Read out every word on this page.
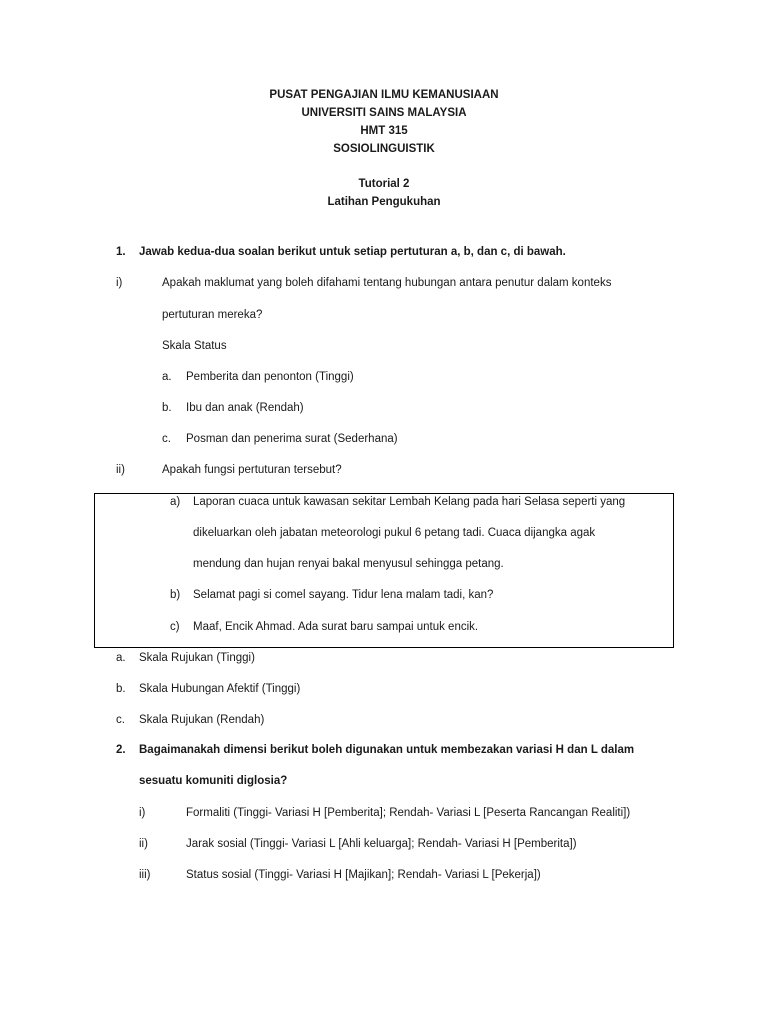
PUSAT PENGAJIAN ILMU KEMANUSIAAN
UNIVERSITI SAINS MALAYSIA
HMT 315
SOSIOLINGUISTIK
Tutorial 2
Latihan Pengukuhan
1. Jawab kedua-dua soalan berikut untuk setiap pertuturan a, b, dan c, di bawah.
i)	Apakah maklumat yang boleh difahami tentang hubungan antara penutur dalam konteks
pertuturan mereka?
Skala Status
a. Pemberita dan penonton (Tinggi)
b. Ibu dan anak (Rendah)
c. Posman dan penerima surat (Sederhana)
ii)	Apakah fungsi pertuturan tersebut?
a) Laporan cuaca untuk kawasan sekitar Lembah Kelang pada hari Selasa seperti yang
dikeluarkan oleh jabatan meteorologi pukul 6 petang tadi. Cuaca dijangka agak
mendung dan hujan renyai bakal menyusul sehingga petang.
b) Selamat pagi si comel sayang. Tidur lena malam tadi, kan?
c) Maaf, Encik Ahmad. Ada surat baru sampai untuk encik.
a. Skala Rujukan (Tinggi)
b. Skala Hubungan Afektif (Tinggi)
c. Skala Rujukan (Rendah)
2. Bagaimanakah dimensi berikut boleh digunakan untuk membezakan variasi H dan L dalam
sesuatu komuniti diglosia?
i)	Formaliti (Tinggi- Variasi H [Pemberita]; Rendah- Variasi L [Peserta Rancangan Realiti])
ii)	Jarak sosial (Tinggi- Variasi L [Ahli keluarga]; Rendah- Variasi H [Pemberita])
iii)	Status sosial (Tinggi- Variasi H [Majikan]; Rendah- Variasi L [Pekerja])
